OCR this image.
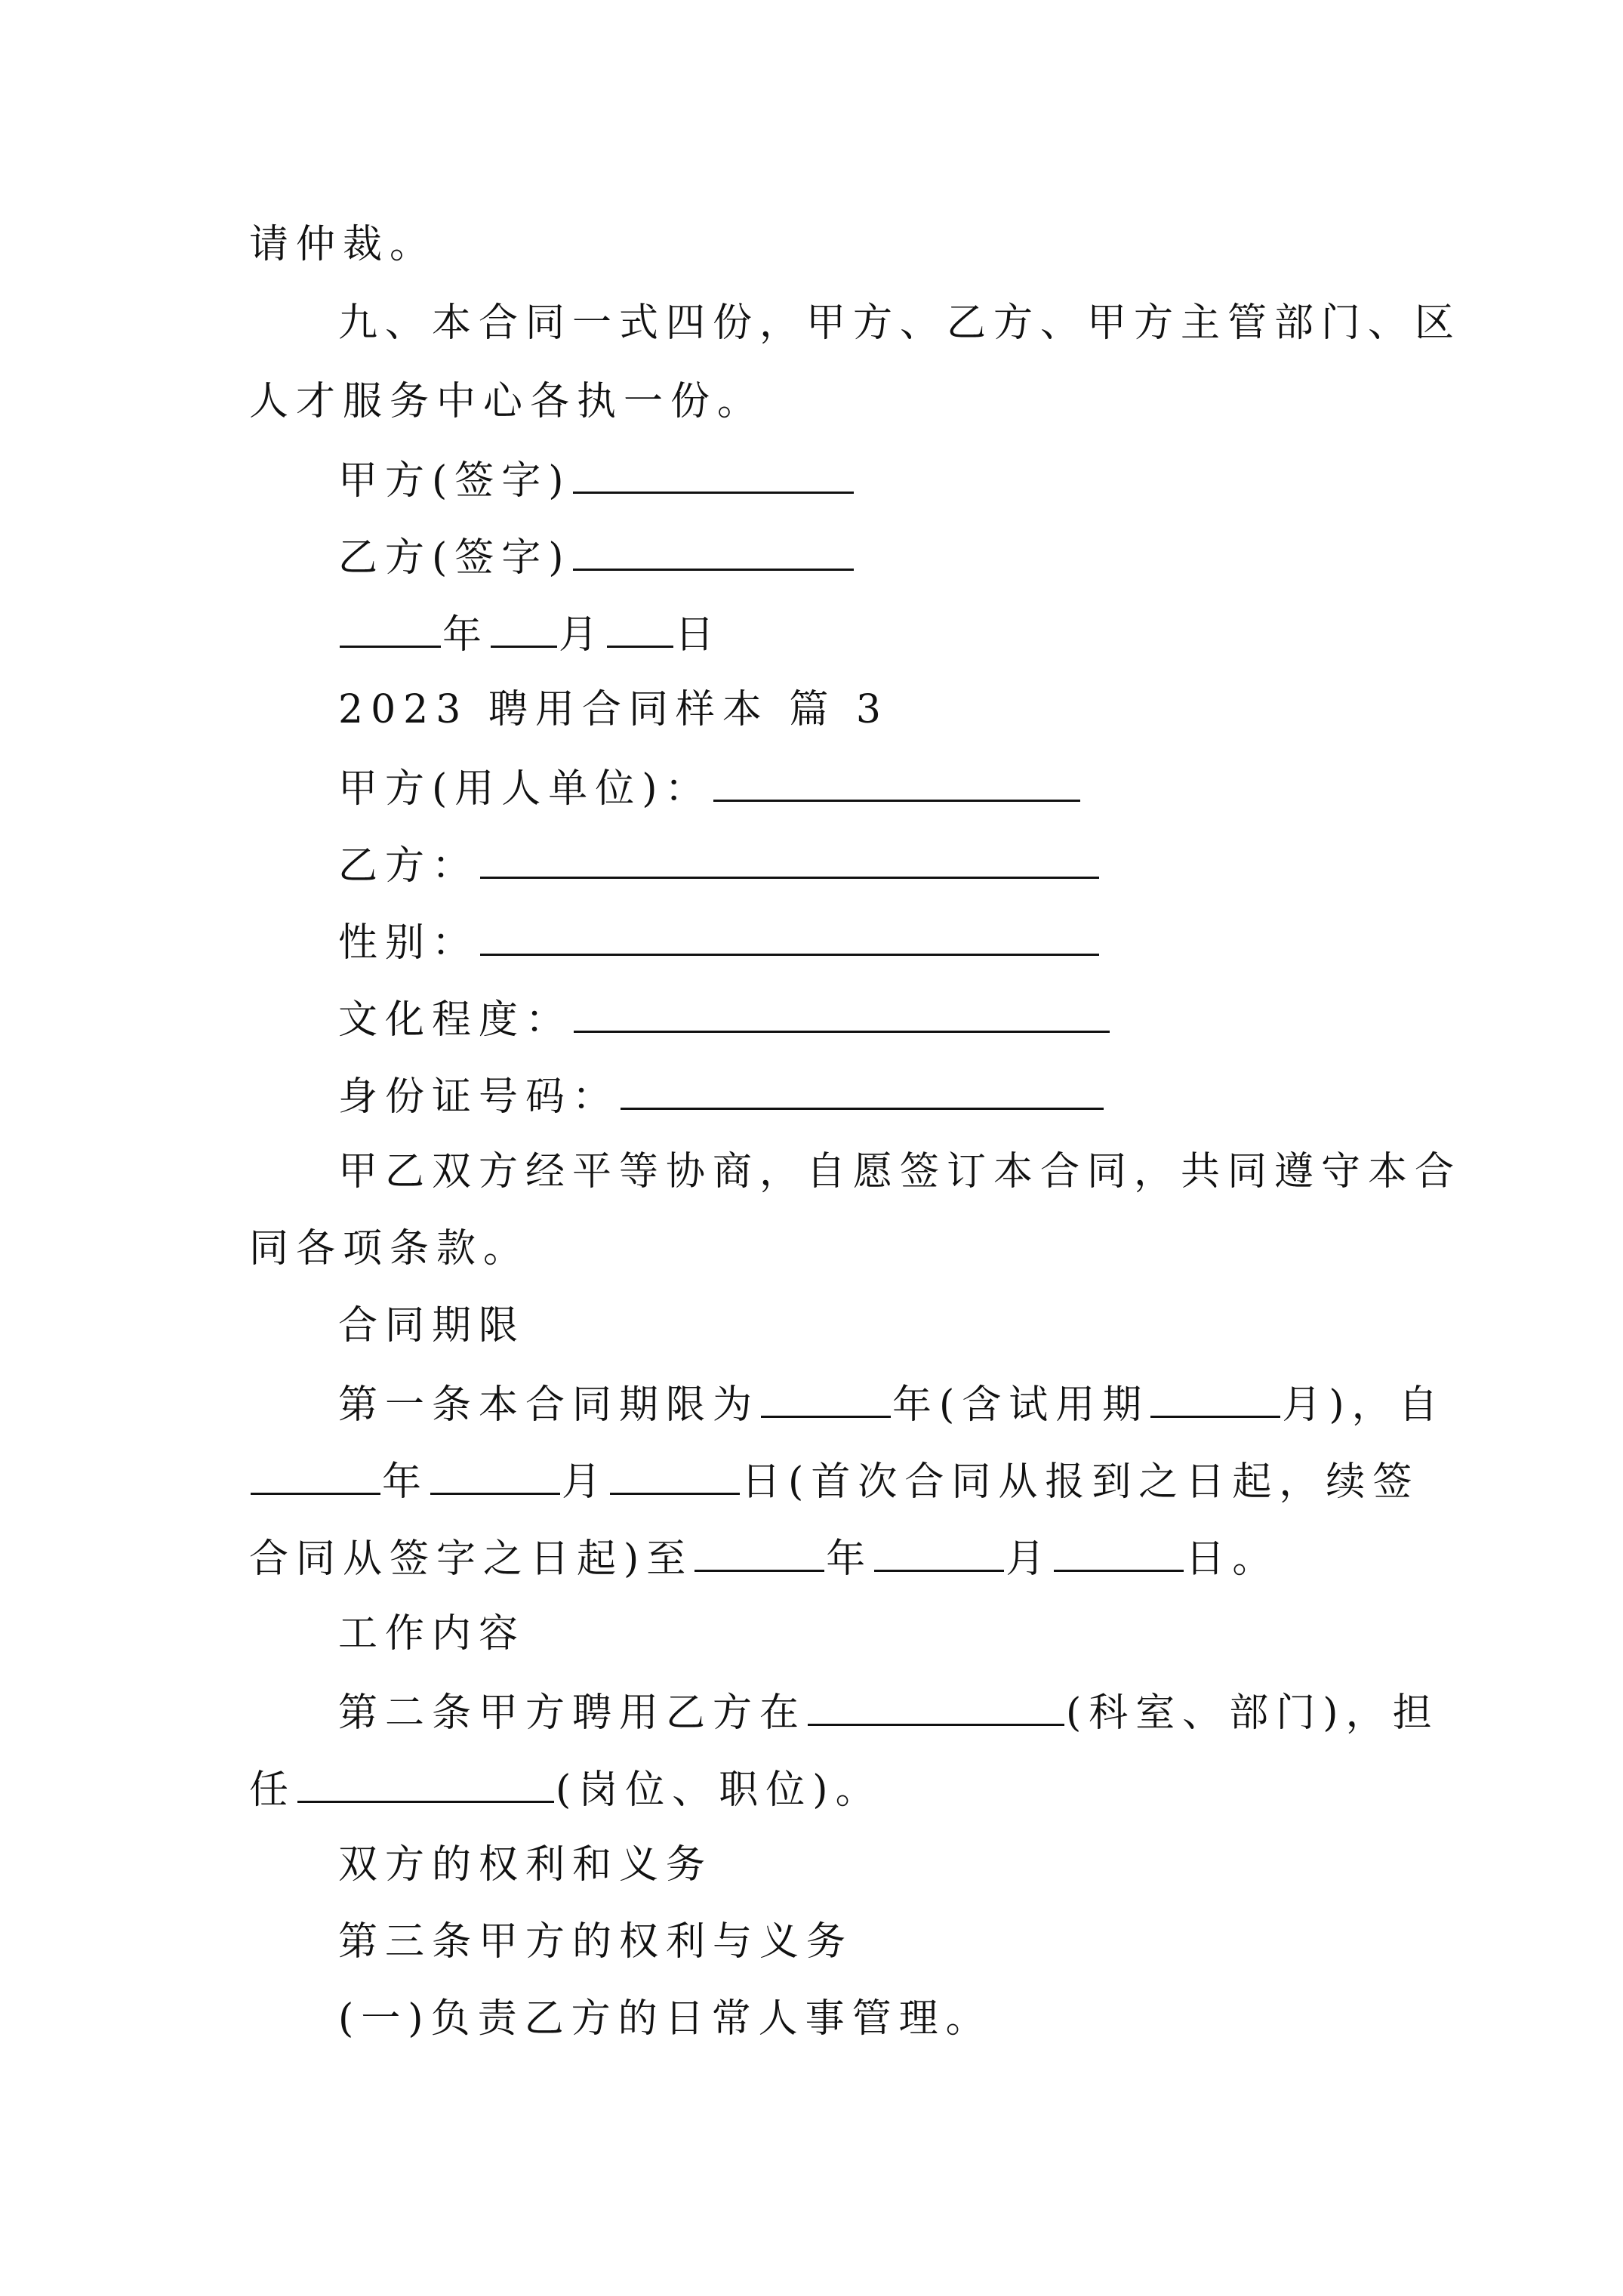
请仲裁。
九、本合同一式四份，甲方、乙方、甲方主管部门、区
人才服务中心各执一份。
甲方(签字)
乙方(签字)
年 月 日
2023 聘用合同样本 篇 3
甲方(用人单位)：
乙方：
性别：
文化程度：
身份证号码：
甲乙双方经平等协商，自愿签订本合同，共同遵守本合
同各项条款。
合同期限
第一条本合同期限为	年(含试用期	月)，自
年	月	日(首次合同从报到之日起，续签
合同从签字之日起)至	年	月	日。
工作内容
第二条甲方聘用乙方在	(科室、部门)，担
任	(岗位、职位)。
双方的权利和义务
第三条甲方的权利与义务
(一)负责乙方的日常人事管理。
